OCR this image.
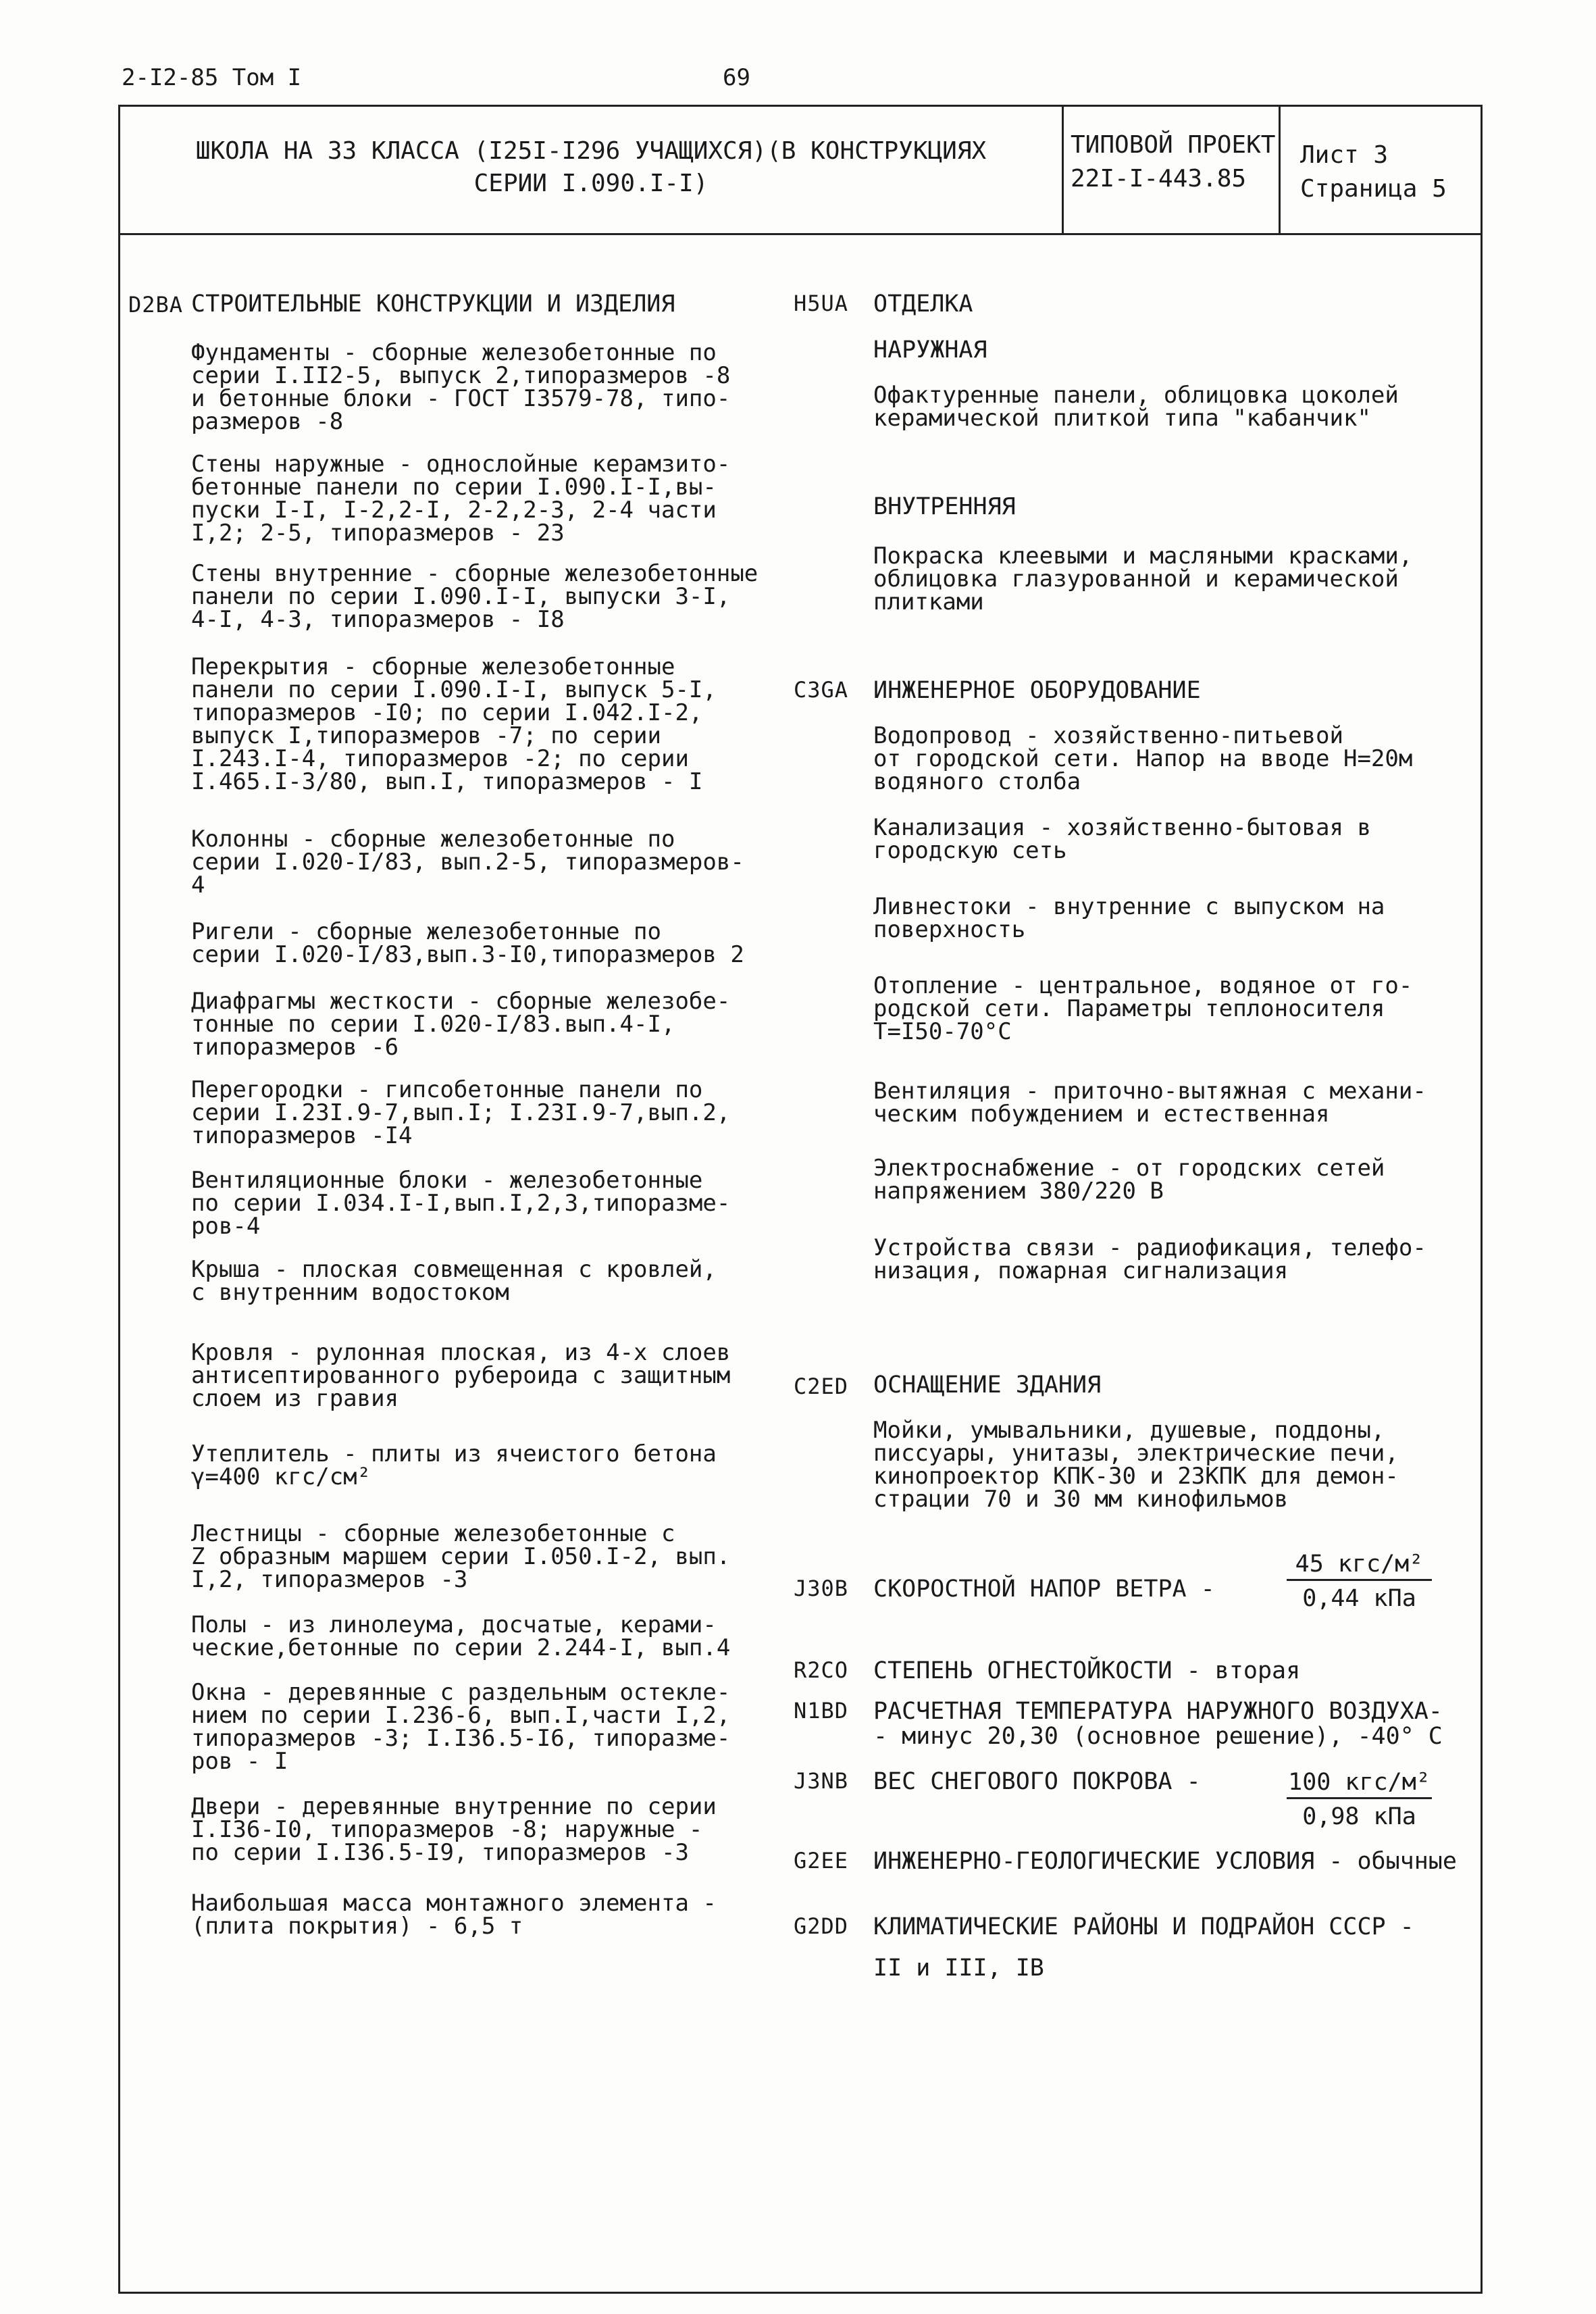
2-I2-85 Том I	69
ШКОЛА НА 33 КЛАССА (I25I-I296 УЧАЩИХСЯ)(В КОНСТРУКЦИЯХ
СЕРИИ I.090.I-I)
ТИПОВОЙ ПРОЕКТ
22I-I-443.85
Лист 3
Страница 5
D2BA СТРОИТЕЛЬНЫЕ КОНСТРУКЦИИ И ИЗДЕЛИЯ
Фундаменты - сборные железобетонные по
серии I.II2-5, выпуск 2,типоразмеров -8
и бетонные блоки - ГОСТ I3579-78, типо-
размеров -8
Стены наружные - однослойные керамзито-
бетонные панели по серии I.090.I-I,вы-
пуски I-I, I-2,2-I, 2-2,2-3, 2-4 части
I,2; 2-5, типоразмеров - 23
Стены внутренние - сборные железобетонные
панели по серии I.090.I-I, выпуски 3-I,
4-I, 4-3, типоразмеров - I8
Перекрытия - сборные железобетонные
панели по серии I.090.I-I, выпуск 5-I,
типоразмеров -I0; по серии I.042.I-2,
выпуск I,типоразмеров -7; по серии
I.243.I-4, типоразмеров -2; по серии
I.465.I-3/80, вып.I, типоразмеров - I
Колонны - сборные железобетонные по
серии I.020-I/83, вып.2-5, типоразмеров-
4
Ригели - сборные железобетонные по
серии I.020-I/83,вып.3-I0,типоразмеров 2
Диафрагмы жесткости - сборные железобе-
тонные по серии I.020-I/83.вып.4-I,
типоразмеров -6
Перегородки - гипсобетонные панели по
серии I.23I.9-7,вып.I; I.23I.9-7,вып.2,
типоразмеров -I4
Вентиляционные блоки - железобетонные
по серии I.034.I-I,вып.I,2,3,типоразме-
ров-4
Крыша - плоская совмещенная с кровлей,
с внутренним водостоком
Кровля - рулонная плоская, из 4-х слоев
антисептированного рубероида с защитным
слоем из гравия
Утеплитель - плиты из ячеистого бетона
γ=400 кгс/см²
Лестницы - сборные железобетонные с
Z образным маршем серии I.050.I-2, вып.
I,2, типоразмеров -3
Полы - из линолеума, досчатые, керами-
ческие,бетонные по серии 2.244-I, вып.4
Окна - деревянные с раздельным остекле-
нием по серии I.236-6, вып.I,части I,2,
типоразмеров -3; I.I36.5-I6, типоразме-
ров - I
Двери - деревянные внутренние по серии
I.I36-I0, типоразмеров -8; наружные -
по серии I.I36.5-I9, типоразмеров -3
Наибольшая масса монтажного элемента -
(плита покрытия) - 6,5 т
H5UA ОТДЕЛКА
НАРУЖНАЯ
Офактуренные панели, облицовка цоколей
керамической плиткой типа "кабанчик"
ВНУТРЕННЯЯ
Покраска клеевыми и масляными красками,
облицовка глазурованной и керамической
плитками
C3GA ИНЖЕНЕРНОЕ ОБОРУДОВАНИЕ
Водопровод - хозяйственно-питьевой
от городской сети. Напор на вводе Н=20м
водяного столба
Канализация - хозяйственно-бытовая в
городскую сеть
Ливнестоки - внутренние с выпуском на
поверхность
Отопление - центральное, водяное от го-
родской сети. Параметры теплоносителя
Т=I50-70°С
Вентиляция - приточно-вытяжная с механи-
ческим побуждением и естественная
Электроснабжение - от городских сетей
напряжением 380/220 В
Устройства связи - радиофикация, телефо-
низация, пожарная сигнализация
C2ED ОСНАЩЕНИЕ ЗДАНИЯ
Мойки, умывальники, душевые, поддоны,
писсуары, унитазы, электрические печи,
кинопроектор КПК-30 и 23КПК для демон-
страции 70 и 30 мм кинофильмов
J30B СКОРОСТНОЙ НАПОР ВЕТРА -
45 кгс/м²
0,44 кПа
R2CO СТЕПЕНЬ ОГНЕСТОЙКОСТИ - вторая
N1BD РАСЧЕТНАЯ ТЕМПЕРАТУРА НАРУЖНОГО ВОЗДУХА-
- минус 20,30 (основное решение), -40° С
J3NB ВЕС СНЕГОВОГО ПОКРОВА -	100 кгс/м²
0,98 кПа
G2EE ИНЖЕНЕРНО-ГЕОЛОГИЧЕСКИЕ УСЛОВИЯ - обычные
G2DD КЛИМАТИЧЕСКИЕ РАЙОНЫ И ПОДРАЙОН СССР -
II и III, IB
